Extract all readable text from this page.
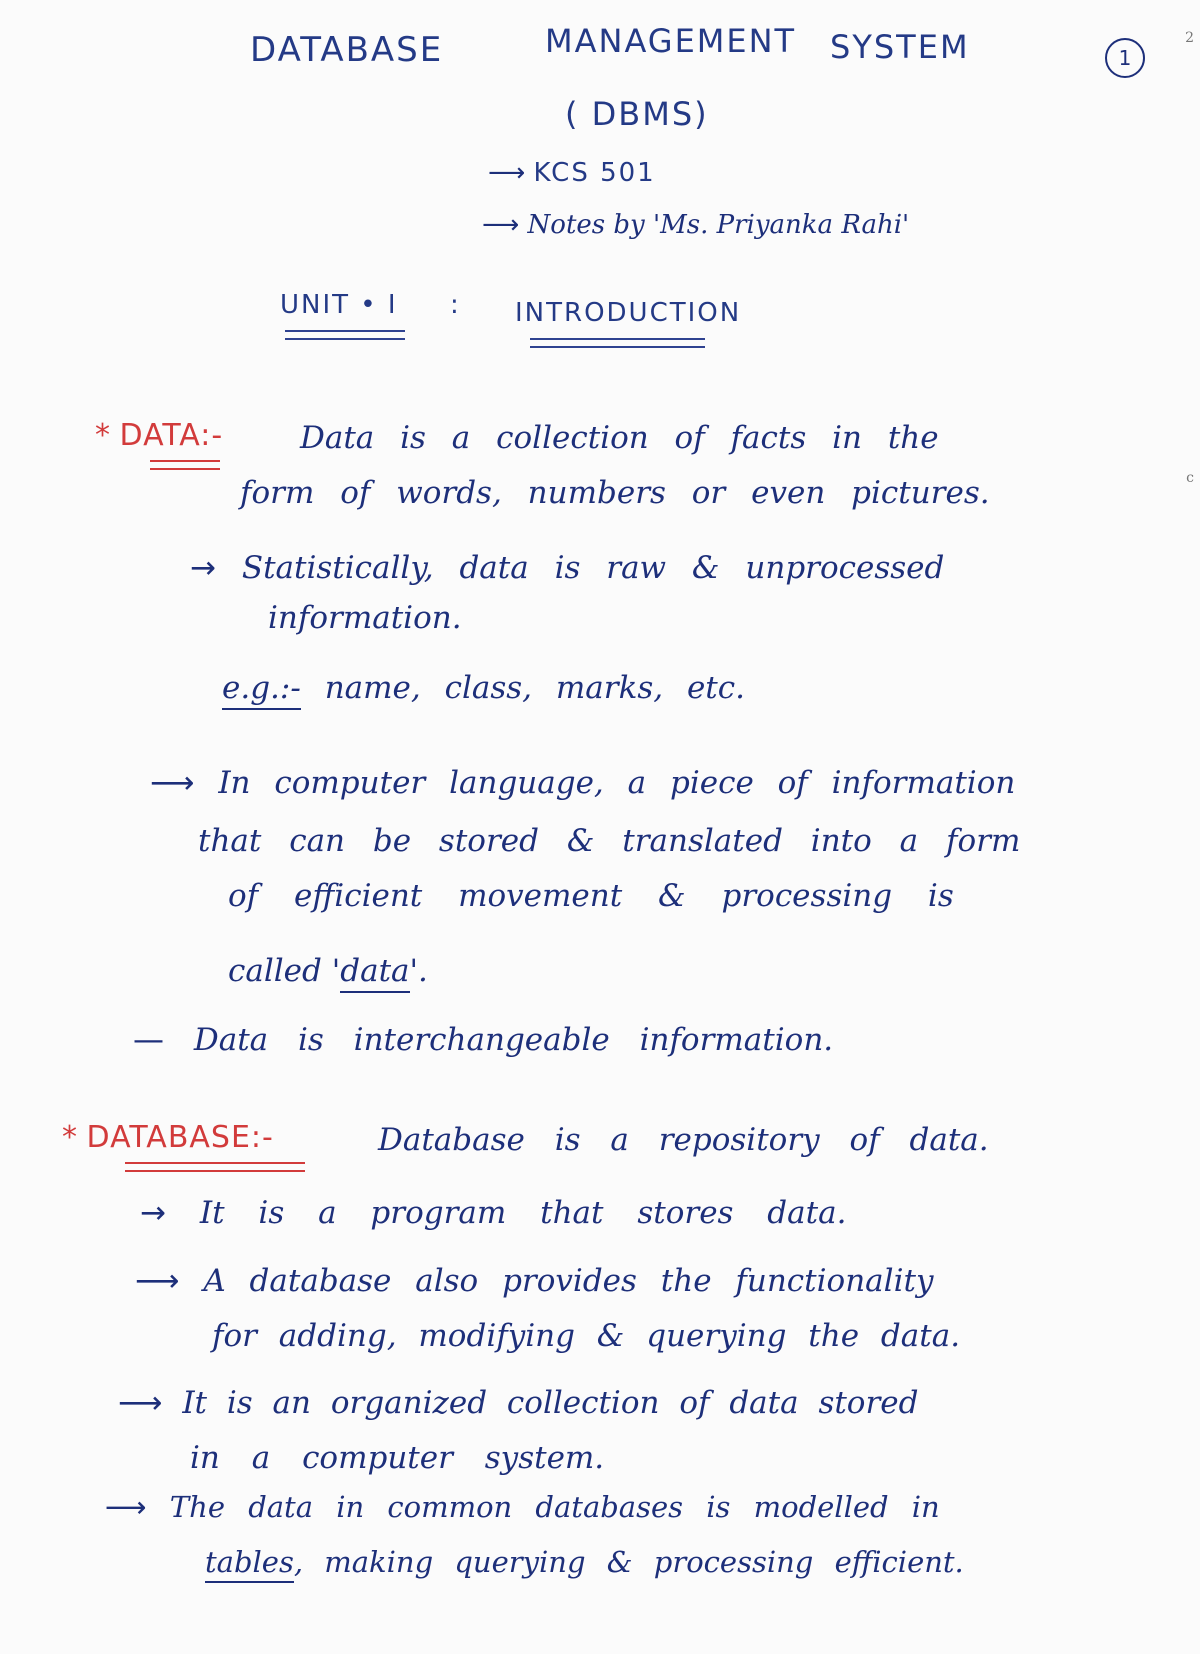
DATABASE	MANAGEMENT SYSTEM	1
2
( DBMS)
⟶ KCS 501
⟶ Notes by 'Ms. Priyanka Rahi'
UNIT • I : INTRODUCTION
c
* DATA:- Data is a collection of facts in the
form of words, numbers or even pictures.
→ Statistically, data is raw & unprocessed
information.
e.g.:- name, class, marks, etc.
⟶ In computer language, a piece of information
that can be stored & translated into a form
of efficient movement & processing is
called 'data'.
— Data is interchangeable information.
* DATABASE:-	Database is a repository of data.
→ It is a program that stores data.
⟶ A database also provides the functionality
for adding, modifying & querying the data.
⟶ It is an organized collection of data stored
in a computer system.
⟶ The data in common databases is modelled in
tables, making querying & processing efficient.
